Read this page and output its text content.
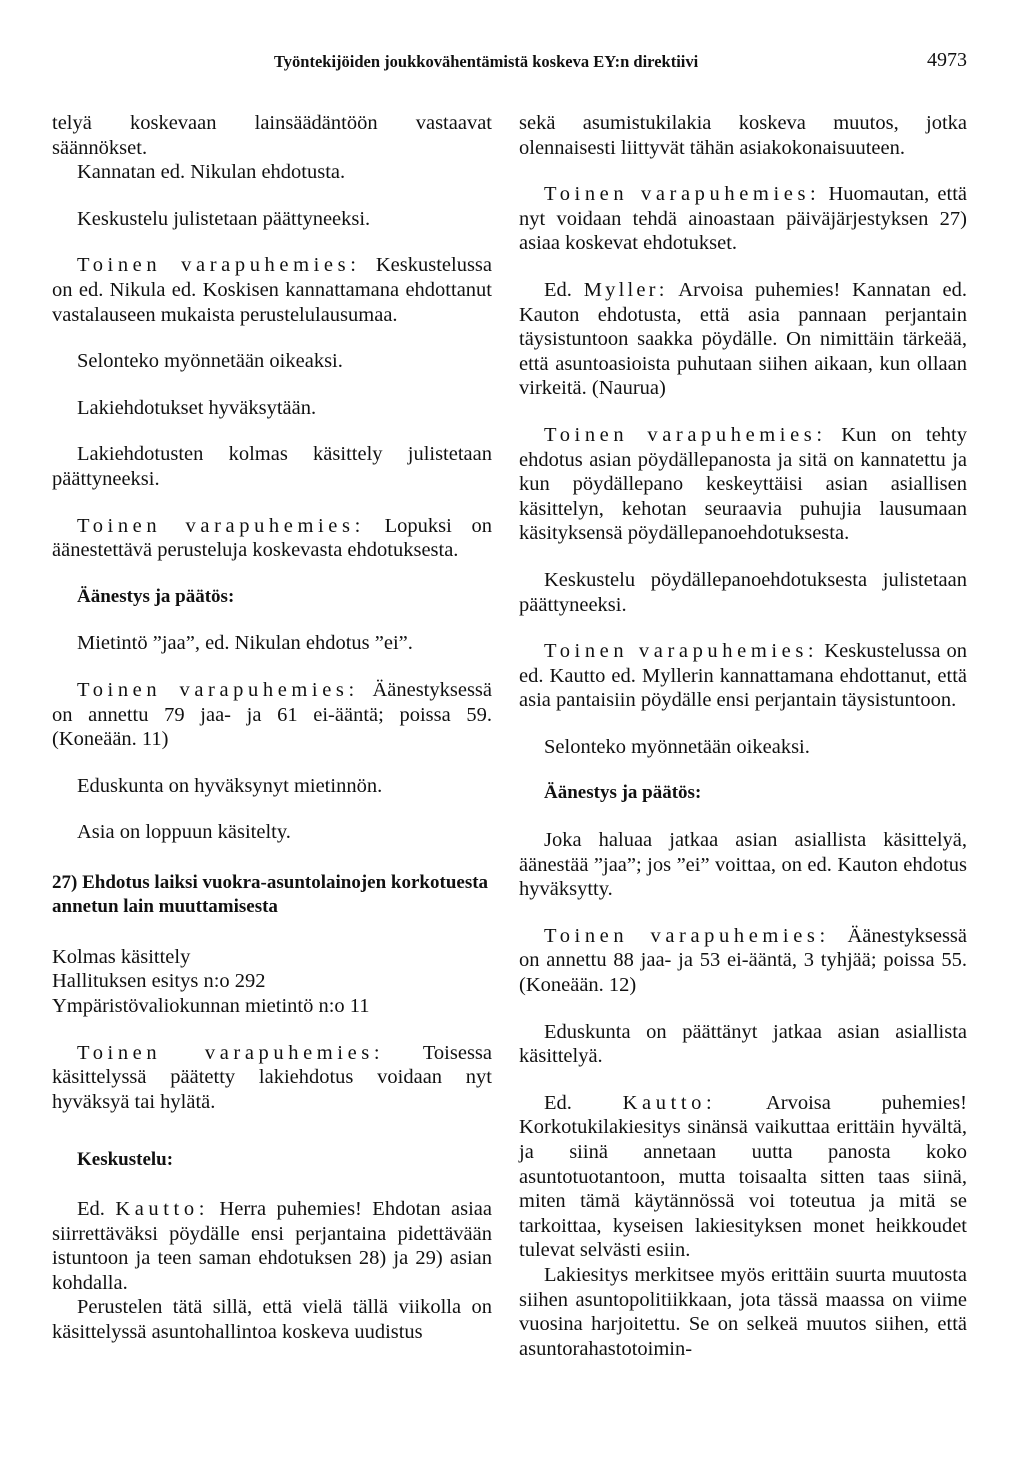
Työntekijöiden joukkovähentämistä koskeva EY:n direktiivi	4973

telyä koskevaan lainsäädäntöön vastaavat säännökset.

Kannatan ed. Nikulan ehdotusta.

Keskustelu julistetaan päättyneeksi.

Toinen varapuhemies: Keskustelussa on ed. Nikula ed. Koskisen kannattamana ehdottanut vastalauseen mukaista perustelulausumaa.

Selonteko myönnetään oikeaksi.

Lakiehdotukset hyväksytään.

Lakiehdotusten kolmas käsittely julistetaan päättyneeksi.

Toinen varapuhemies: Lopuksi on äänestettävä perusteluja koskevasta ehdotuksesta.

Äänestys ja päätös:

Mietintö ”jaa”, ed. Nikulan ehdotus ”ei”.

Toinen varapuhemies: Äänestyksessä on annettu 79 jaa- ja 61 ei-ääntä; poissa 59. (Koneään. 11)

Eduskunta on hyväksynyt mietinnön.

Asia on loppuun käsitelty.

27) Ehdotus laiksi vuokra-asuntolainojen korkotuesta annetun lain muuttamisesta

Kolmas käsittely
Hallituksen esitys n:o 292
Ympäristövaliokunnan mietintö n:o 11

Toinen varapuhemies: Toisessa käsittelyssä päätetty lakiehdotus voidaan nyt hyväksyä tai hylätä.

Keskustelu:

Ed. Kautto: Herra puhemies! Ehdotan asiaa siirrettäväksi pöydälle ensi perjantaina pidettävään istuntoon ja teen saman ehdotuksen 28) ja 29) asian kohdalla.

Perustelen tätä sillä, että vielä tällä viikolla on käsittelyssä asuntohallintoa koskeva uudistus

sekä asumistukilakia koskeva muutos, jotka olennaisesti liittyvät tähän asiakokonaisuuteen.

Toinen varapuhemies: Huomautan, että nyt voidaan tehdä ainoastaan päiväjärjestyksen 27) asiaa koskevat ehdotukset.

Ed. Myller: Arvoisa puhemies! Kannatan ed. Kauton ehdotusta, että asia pannaan perjantain täysistuntoon saakka pöydälle. On nimittäin tärkeää, että asuntoasioista puhutaan siihen aikaan, kun ollaan virkeitä. (Naurua)

Toinen varapuhemies: Kun on tehty ehdotus asian pöydällepanosta ja sitä on kannatettu ja kun pöydällepano keskeyttäisi asian asiallisen käsittelyn, kehotan seuraavia puhujia lausumaan käsityksensä pöydällepanoehdotuksesta.

Keskustelu pöydällepanoehdotuksesta julistetaan päättyneeksi.

Toinen varapuhemies: Keskustelussa on ed. Kautto ed. Myllerin kannattamana ehdottanut, että asia pantaisiin pöydälle ensi perjantain täysistuntoon.

Selonteko myönnetään oikeaksi.

Äänestys ja päätös:

Joka haluaa jatkaa asian asiallista käsittelyä, äänestää ”jaa”; jos ”ei” voittaa, on ed. Kauton ehdotus hyväksytty.

Toinen varapuhemies: Äänestyksessä on annettu 88 jaa- ja 53 ei-ääntä, 3 tyhjää; poissa 55. (Koneään. 12)

Eduskunta on päättänyt jatkaa asian asiallista käsittelyä.

Ed. Kautto: Arvoisa puhemies! Korkotukilakiesitys sinänsä vaikuttaa erittäin hyvältä, ja siinä annetaan uutta panosta koko asuntotuotantoon, mutta toisaalta sitten taas siinä, miten tämä käytännössä voi toteutua ja mitä se tarkoittaa, kyseisen lakiesityksen monet heikkoudet tulevat selvästi esiin.

Lakiesitys merkitsee myös erittäin suurta muutosta siihen asuntopolitiikkaan, jota tässä maassa on viime vuosina harjoitettu. Se on selkeä muutos siihen, että asuntorahastotoimin-
